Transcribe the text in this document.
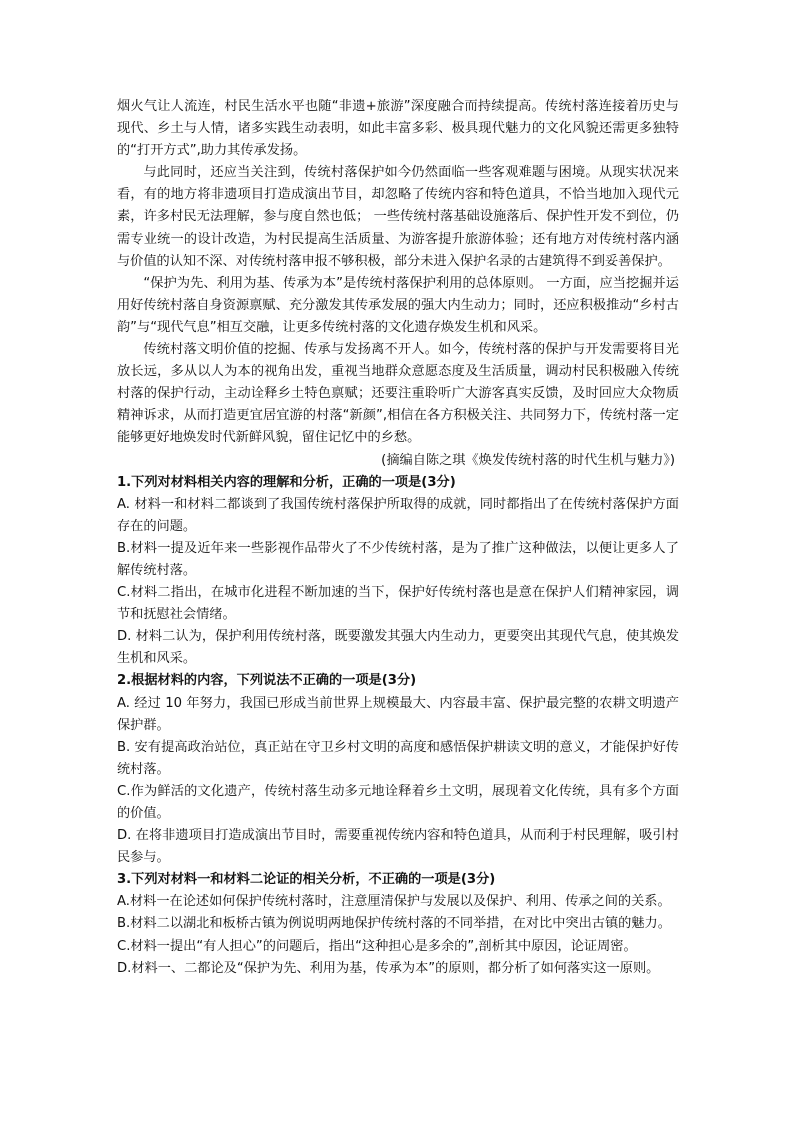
烟火气让人流连，村民生活水平也随“非遗+旅游”深度融合而持续提高。传统村落连接着历史与现代、乡土与人情，诸多实践生动表明，如此丰富多彩、极具现代魅力的文化风貌还需更多独特的“打开方式”,助力其传承发扬。

与此同时，还应当关注到，传统村落保护如今仍然面临一些客观难题与困境。从现实状况来看，有的地方将非遗项目打造成演出节目，却忽略了传统内容和特色道具，不恰当地加入现代元素，许多村民无法理解，参与度自然也低； 一些传统村落基础设施落后、保护性开发不到位，仍需专业统一的设计改造，为村民提高生活质量、为游客提升旅游体验；还有地方对传统村落内涵与价值的认知不深、对传统村落申报不够积极，部分未进入保护名录的古建筑得不到妥善保护。

“保护为先、利用为基、传承为本”是传统村落保护利用的总体原则。 一方面，应当挖掘并运用好传统村落自身资源禀赋、充分激发其传承发展的强大内生动力；同时，还应积极推动“乡村古韵”与“现代气息”相互交融，让更多传统村落的文化遗存焕发生机和风采。

传统村落文明价值的挖掘、传承与发扬离不开人。如今，传统村落的保护与开发需要将目光放长远，多从以人为本的视角出发，重视当地群众意愿态度及生活质量，调动村民积极融入传统村落的保护行动，主动诠释乡土特色禀赋；还要注重聆听广大游客真实反馈，及时回应大众物质精神诉求，从而打造更宜居宜游的村落“新颜”,相信在各方积极关注、共同努力下，传统村落一定能够更好地焕发时代新鲜风貌，留住记忆中的乡愁。

(摘编自陈之琪《焕发传统村落的时代生机与魅力》)

1.下列对材料相关内容的理解和分析，正确的一项是(3分)

A. 材料一和材料二都谈到了我国传统村落保护所取得的成就，同时都指出了在传统村落保护方面存在的问题。

B.材料一提及近年来一些影视作品带火了不少传统村落，是为了推广这种做法，以便让更多人了解传统村落。

C.材料二指出，在城市化进程不断加速的当下，保护好传统村落也是意在保护人们精神家园，调节和抚慰社会情绪。

D. 材料二认为，保护利用传统村落，既要激发其强大内生动力，更要突出其现代气息，使其焕发生机和风采。

2.根据材料的内容，下列说法不正确的一项是(3分)

A. 经过 10 年努力，我国已形成当前世界上规模最大、内容最丰富、保护最完整的农耕文明遗产保护群。

B. 安有提高政治站位，真正站在守卫乡村文明的高度和感悟保护耕读文明的意义，才能保护好传统村落。

C.作为鲜活的文化遗产，传统村落生动多元地诠释着乡土文明，展现着文化传统，具有多个方面的价值。

D. 在将非遗项目打造成演出节目时，需要重视传统内容和特色道具，从而利于村民理解，吸引村民参与。

3.下列对材料一和材料二论证的相关分析，不正确的一项是(3分)

A.材料一在论述如何保护传统村落时，注意厘清保护与发展以及保护、利用、传承之间的关系。

B.材料二以湖北和板桥古镇为例说明两地保护传统村落的不同举措，在对比中突出古镇的魅力。

C.材料一提出“有人担心”的问题后，指出“这种担心是多余的”,剖析其中原因，论证周密。

D.材料一、二都论及“保护为先、利用为基，传承为本”的原则，都分析了如何落实这一原则。
